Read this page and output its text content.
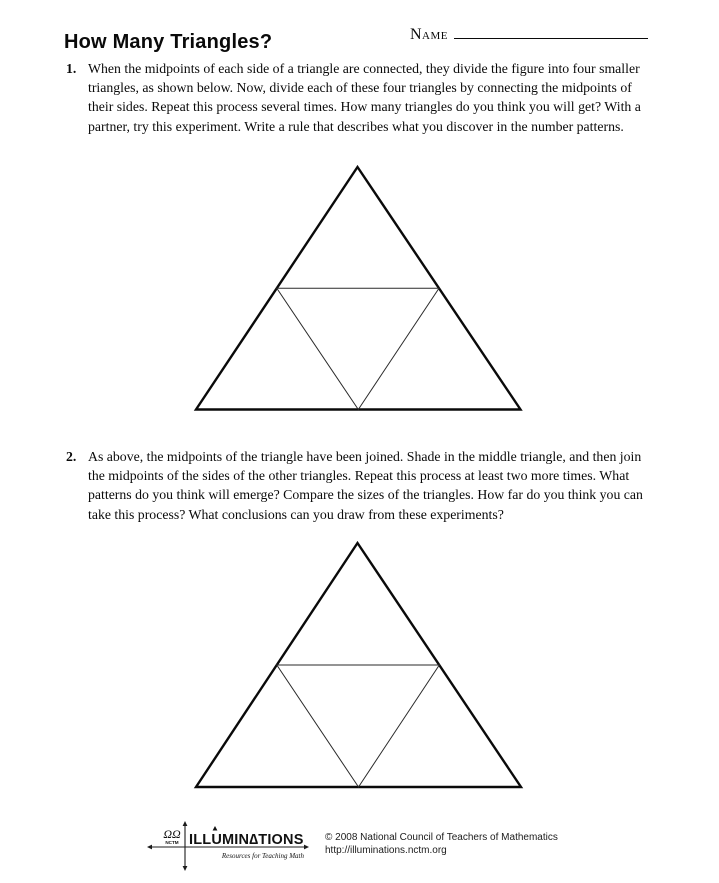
How Many Triangles?	Name
1. When the midpoints of each side of a triangle are connected, they divide the figure into four smaller triangles, as shown below. Now, divide each of these four triangles by connecting the midpoints of their sides. Repeat this process several times. How many triangles do you think you will get? With a partner, try this experiment. Write a rule that describes what you discover in the number patterns.

2. As above, the midpoints of the triangle have been joined. Shade in the middle triangle, and then join the midpoints of the sides of the other triangles. Repeat this process at least two more times. What patterns do you think will emerge? Compare the sizes of the triangles. How far do you think you can take this process? What conclusions can you draw from these experiments?

ΩΩ
NCTM ILLUMIN∆TIONS
Resources for Teaching Math
© 2008 National Council of Teachers of Mathematics
http://illuminations.nctm.org
